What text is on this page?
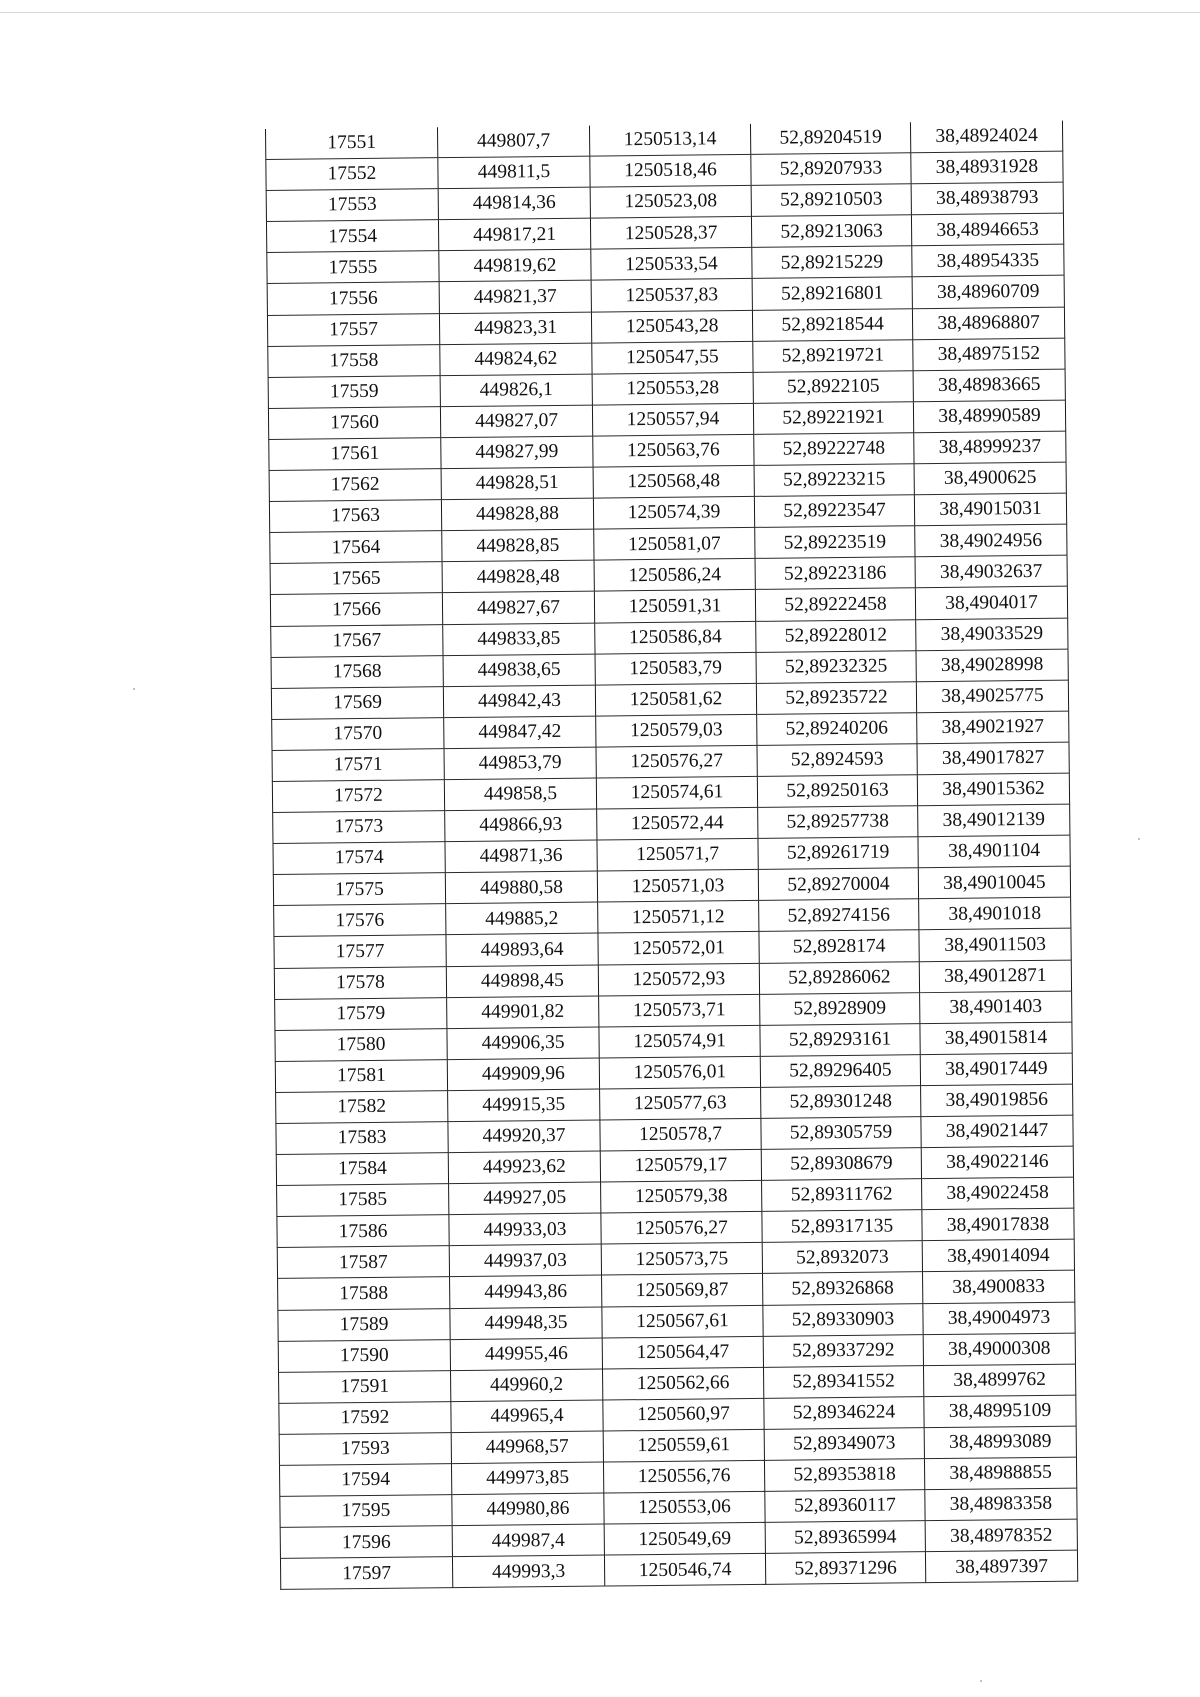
17551	449807,7	1250513,14	52,89204519	38,48924024
17552	449811,5	1250518,46	52,89207933	38,48931928
17553	449814,36	1250523,08	52,89210503	38,48938793
17554	449817,21	1250528,37	52,89213063	38,48946653
17555	449819,62	1250533,54	52,89215229	38,48954335
17556	449821,37	1250537,83	52,89216801	38,48960709
17557	449823,31	1250543,28	52,89218544	38,48968807
17558	449824,62	1250547,55	52,89219721	38,48975152
17559	449826,1	1250553,28	52,8922105	38,48983665
17560	449827,07	1250557,94	52,89221921	38,48990589
17561	449827,99	1250563,76	52,89222748	38,48999237
17562	449828,51	1250568,48	52,89223215	38,4900625
17563	449828,88	1250574,39	52,89223547	38,49015031
17564	449828,85	1250581,07	52,89223519	38,49024956
17565	449828,48	1250586,24	52,89223186	38,49032637
17566	449827,67	1250591,31	52,89222458	38,4904017
17567	449833,85	1250586,84	52,89228012	38,49033529
17568	449838,65	1250583,79	52,89232325	38,49028998
17569	449842,43	1250581,62	52,89235722	38,49025775
17570	449847,42	1250579,03	52,89240206	38,49021927
17571	449853,79	1250576,27	52,8924593	38,49017827
17572	449858,5	1250574,61	52,89250163	38,49015362
17573	449866,93	1250572,44	52,89257738	38,49012139
17574	449871,36	1250571,7	52,89261719	38,4901104
17575	449880,58	1250571,03	52,89270004	38,49010045
17576	449885,2	1250571,12	52,89274156	38,4901018
17577	449893,64	1250572,01	52,8928174	38,49011503
17578	449898,45	1250572,93	52,89286062	38,49012871
17579	449901,82	1250573,71	52,8928909	38,4901403
17580	449906,35	1250574,91	52,89293161	38,49015814
17581	449909,96	1250576,01	52,89296405	38,49017449
17582	449915,35	1250577,63	52,89301248	38,49019856
17583	449920,37	1250578,7	52,89305759	38,49021447
17584	449923,62	1250579,17	52,89308679	38,49022146
17585	449927,05	1250579,38	52,89311762	38,49022458
17586	449933,03	1250576,27	52,89317135	38,49017838
17587	449937,03	1250573,75	52,8932073	38,49014094
17588	449943,86	1250569,87	52,89326868	38,4900833
17589	449948,35	1250567,61	52,89330903	38,49004973
17590	449955,46	1250564,47	52,89337292	38,49000308
17591	449960,2	1250562,66	52,89341552	38,4899762
17592	449965,4	1250560,97	52,89346224	38,48995109
17593	449968,57	1250559,61	52,89349073	38,48993089
17594	449973,85	1250556,76	52,89353818	38,48988855
17595	449980,86	1250553,06	52,89360117	38,48983358
17596	449987,4	1250549,69	52,89365994	38,48978352
17597	449993,3	1250546,74	52,89371296	38,4897397
